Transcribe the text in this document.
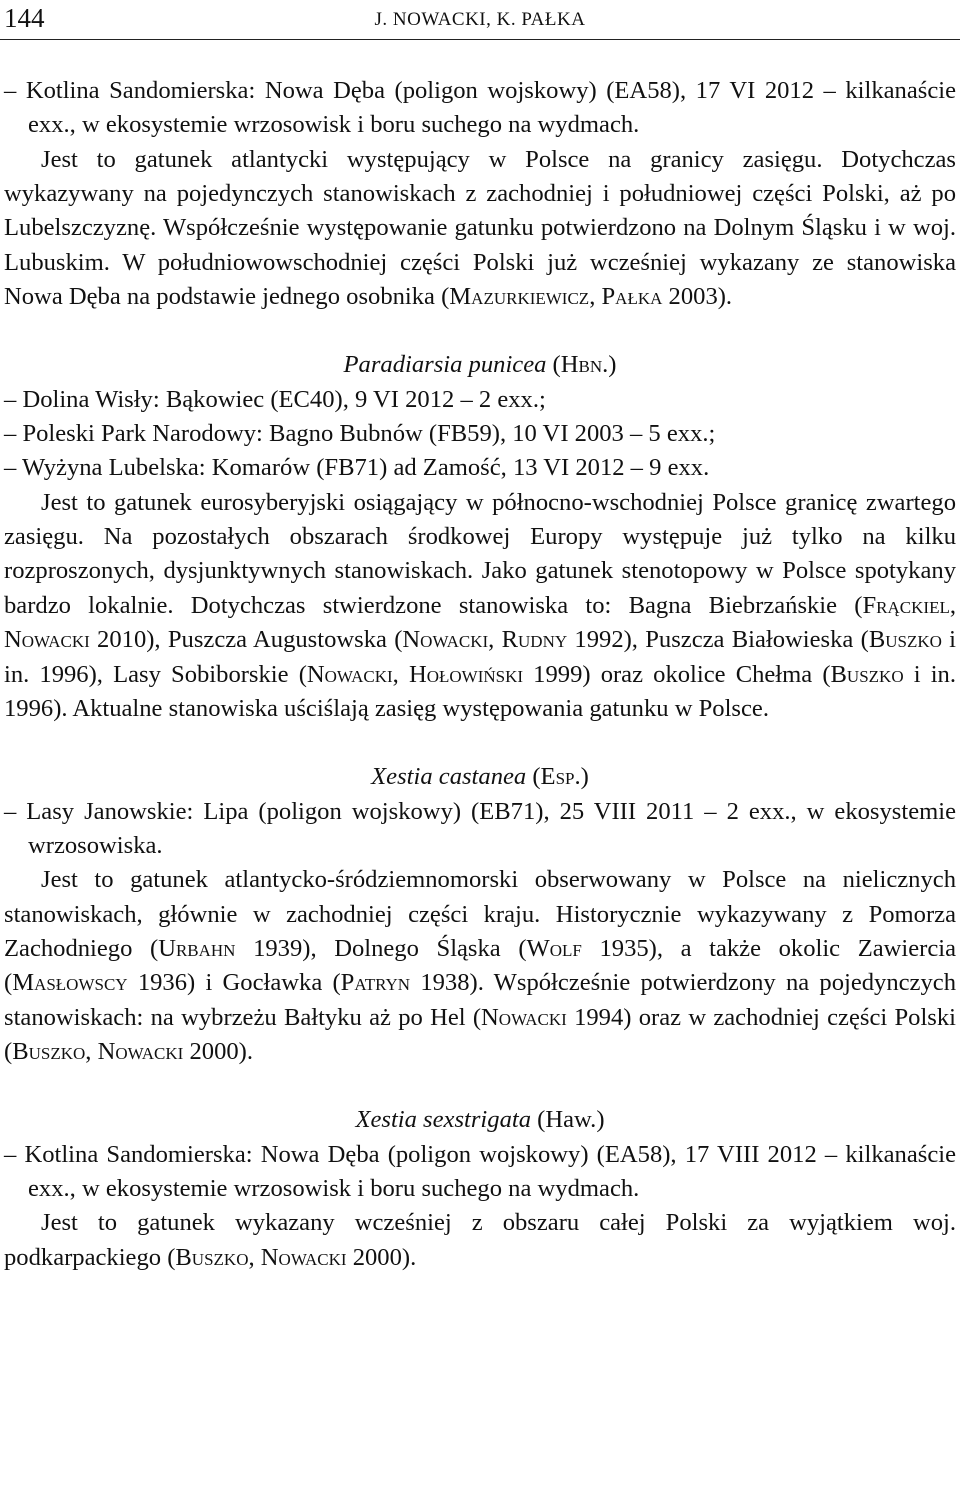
144	J. NOWACKI, K. PAŁKA

– Kotlina Sandomierska: Nowa Dęba (poligon wojskowy) (EA58), 17 VI 2012 – kilkanaście exx., w ekosystemie wrzosowisk i boru suchego na wydmach.

Jest to gatunek atlantycki występujący w Polsce na granicy zasięgu. Dotychczas wykazywany na pojedynczych stanowiskach z zachodniej i południowej części Polski, aż po Lubelszczyznę. Współcześnie występowanie gatunku potwierdzono na Dolnym Śląsku i w woj. Lubuskim. W południowowschodniej części Polski już wcześniej wykazany ze stanowiska Nowa Dęba na podstawie jednego osobnika (Mazurkiewicz, Pałka 2003).

Paradiarsia punicea (Hbn.)

– Dolina Wisły: Bąkowiec (EC40), 9 VI 2012 – 2 exx.;

– Poleski Park Narodowy: Bagno Bubnów (FB59), 10 VI 2003 – 5 exx.;

– Wyżyna Lubelska: Komarów (FB71) ad Zamość, 13 VI 2012 – 9 exx.

Jest to gatunek eurosyberyjski osiągający w północno-wschodniej Polsce granicę zwartego zasięgu. Na pozostałych obszarach środkowej Europy występuje już tylko na kilku rozproszonych, dysjunktywnych stanowiskach. Jako gatunek stenotopowy w Polsce spotykany bardzo lokalnie. Dotychczas stwierdzone stanowiska to: Bagna Biebrzańskie (Frąckiel, Nowacki 2010), Puszcza Augustowska (Nowacki, Rudny 1992), Puszcza Białowieska (Buszko i in. 1996), Lasy Sobiborskie (Nowacki, Hołowiński 1999) oraz okolice Chełma (Buszko i in. 1996). Aktualne stanowiska uściślają zasięg występowania gatunku w Polsce.

Xestia castanea (Esp.)

– Lasy Janowskie: Lipa (poligon wojskowy) (EB71), 25 VIII 2011 – 2 exx., w ekosystemie wrzosowiska.

Jest to gatunek atlantycko-śródziemnomorski obserwowany w Polsce na nielicznych stanowiskach, głównie w zachodniej części kraju. Historycznie wykazywany z Pomorza Zachodniego (Urbahn 1939), Dolnego Śląska (Wolf 1935), a także okolic Zawiercia (Masłowscy 1936) i Gocławka (Patryn 1938). Współcześnie potwierdzony na pojedynczych stanowiskach: na wybrzeżu Bałtyku aż po Hel (Nowacki 1994) oraz w zachodniej części Polski (Buszko, Nowacki 2000).

Xestia sexstrigata (Haw.)

– Kotlina Sandomierska: Nowa Dęba (poligon wojskowy) (EA58), 17 VIII 2012 – kilkanaście exx., w ekosystemie wrzosowisk i boru suchego na wydmach.

Jest to gatunek wykazany wcześniej z obszaru całej Polski za wyjątkiem woj. podkarpackiego (Buszko, Nowacki 2000).
